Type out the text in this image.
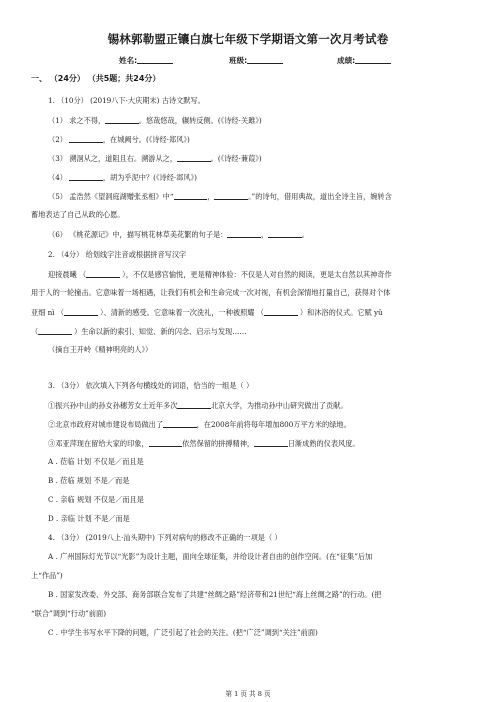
锡林郭勒盟正镶白旗七年级下学期语文第一次月考试卷
姓名:	班级:	成绩:
一、 （24分） （共5题；共24分）
1. （10分） (2019八下·大庆期末) 古诗文默写。
（1） 求之不得，	。悠哉悠哉，辗转反侧。(《诗经·关雎》)
（2）	，在城阙兮。(《诗经·郑风》)
（3） 溯洄从之，道阻且右。溯游从之，	。(《诗经·蒹葭》)
（4）	，胡为乎泥中？(《诗经·邶风》)
（5） 孟浩然《望洞庭湖赠张丞相》中“	，	。”的诗句，借用典故，道出全诗主旨，婉转含
蓄地表达了自己从政的心愿。
（6） 《桃花源记》中，描写桃花林草美花繁的句子是：	，	。
2. （4分） 给划线字注音或根据拼音写汉字
迎接晨曦 （	），不仅是感官愉悦，更是精神体验：不仅是人对自然的阅读，更是太自然以其神奇作
用于人的一轮撞击。它意味着一场相遇，让我们有机会和生命完成一次对视，有机会深情地打量自己，获得对个体
亚细 nì （	）、清新的感受。它意味着一次洗礼，一种被照耀 （	）和沐浴的仪式。它赋 yǔ
（	）生命以新的索引、知觉、新的闪念、启示与发现……
（摘自王开岭《精神明亮的人》）
3. （3分） 依次填入下列各句横线处的词语，恰当的一组是（ ）
①振兴孙中山的孙女孙穗芳女士近年多次	北京大学，为推动孙中山研究做出了贡献。
②北京市政府对城市建设布局做出了	，在2008年前将每年增加800万平方米的绿地。
③邓亚萍现在留给大家的印象，	依然保留的拼搏精神，	日渐成熟的仪表风度。
A . 莅临 计划 不仅是／而且是
B . 莅临 规划 不是／而是
C . 亲临 规划 不仅是／而且是
D . 亲临 计划 不是／而是
4. （3分） (2019八上·汕头期中) 下列对病句的修改不正确的一项是（ ）
A . 广州国际灯光节以“光影”为设计主题，面向全球征集，并给设计者自由的创作空间。(在“征集”后加
上“作品”)
B . 国家发改委、外交部、商务部联合发布了共建“丝绸之路”经济带和21世纪“海上丝绸之路”的行动。(把
“联合”调到“行动”前面)
C . 中学生书写水平下降的问题，广泛引起了社会的关注。(把“广泛”调到“关注”前面)
第 1 页 共 8 页
